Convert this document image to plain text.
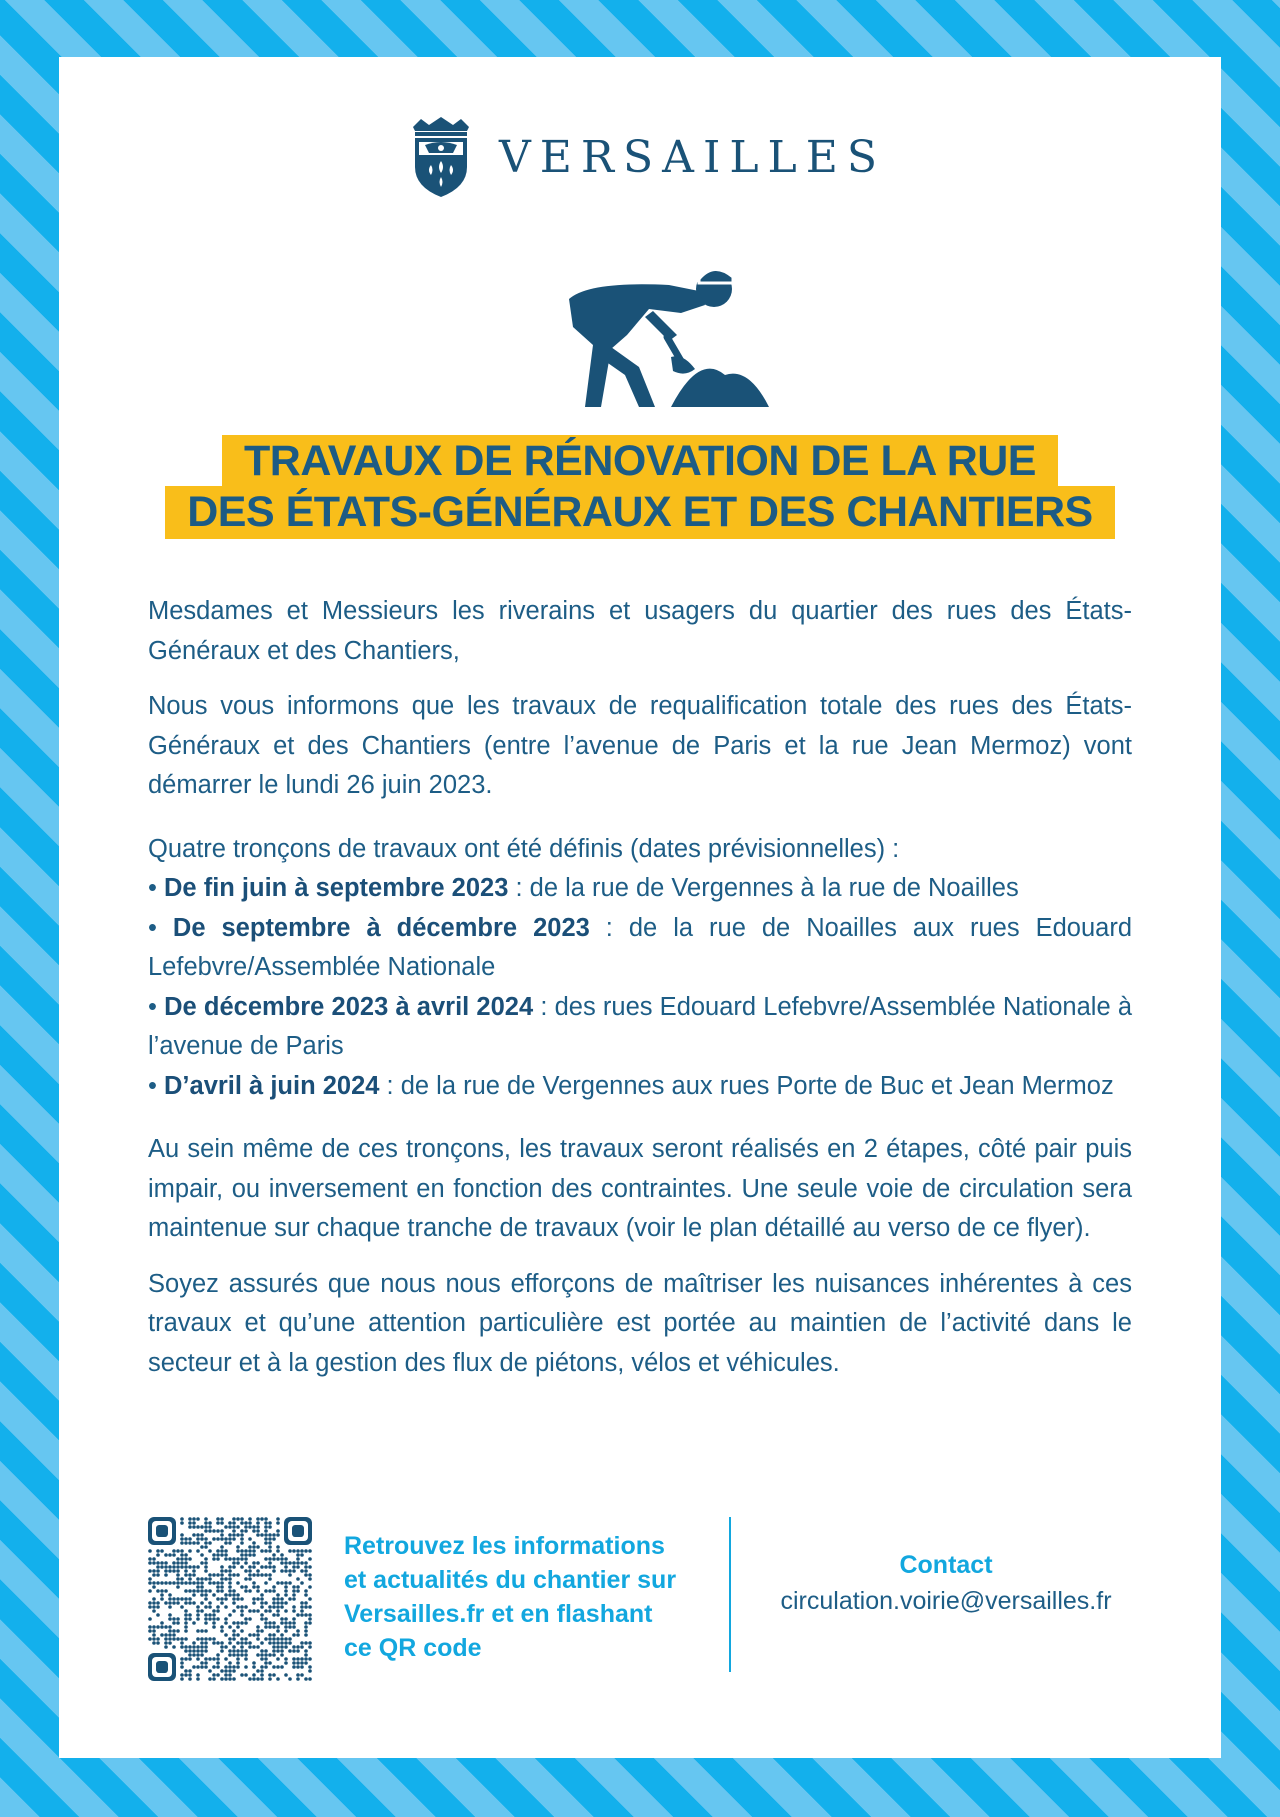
VERSAILLES
TRAVAUX DE RÉNOVATION DE LA RUE
DES ÉTATS-GÉNÉRAUX ET DES CHANTIERS

Mesdames et Messieurs les riverains et usagers du quartier des rues des États-Généraux et des Chantiers,

Nous vous informons que les travaux de requalification totale des rues des États-Généraux et des Chantiers (entre l’avenue de Paris et la rue Jean Mermoz) vont démarrer le lundi 26 juin 2023.

Quatre tronçons de travaux ont été définis (dates prévisionnelles) :

• De fin juin à septembre 2023 : de la rue de Vergennes à la rue de Noailles
• De septembre à décembre 2023 : de la rue de Noailles aux rues Edouard Lefebvre/Assemblée Nationale
• De décembre 2023 à avril 2024 : des rues Edouard Lefebvre/Assemblée Nationale à l’avenue de Paris
• D’avril à juin 2024 : de la rue de Vergennes aux rues Porte de Buc et Jean Mermoz

Au sein même de ces tronçons, les travaux seront réalisés en 2 étapes, côté pair puis impair, ou inversement en fonction des contraintes. Une seule voie de circulation sera maintenue sur chaque tranche de travaux (voir le plan détaillé au verso de ce flyer).

Soyez assurés que nous nous efforçons de maîtriser les nuisances inhérentes à ces travaux et qu’une attention particulière est portée au maintien de l’activité dans le secteur et à la gestion des flux de piétons, vélos et véhicules.

Retrouvez les informations
et actualités du chantier sur
Versailles.fr et en flashant
ce QR code
Contact
circulation.voirie@versailles.fr
